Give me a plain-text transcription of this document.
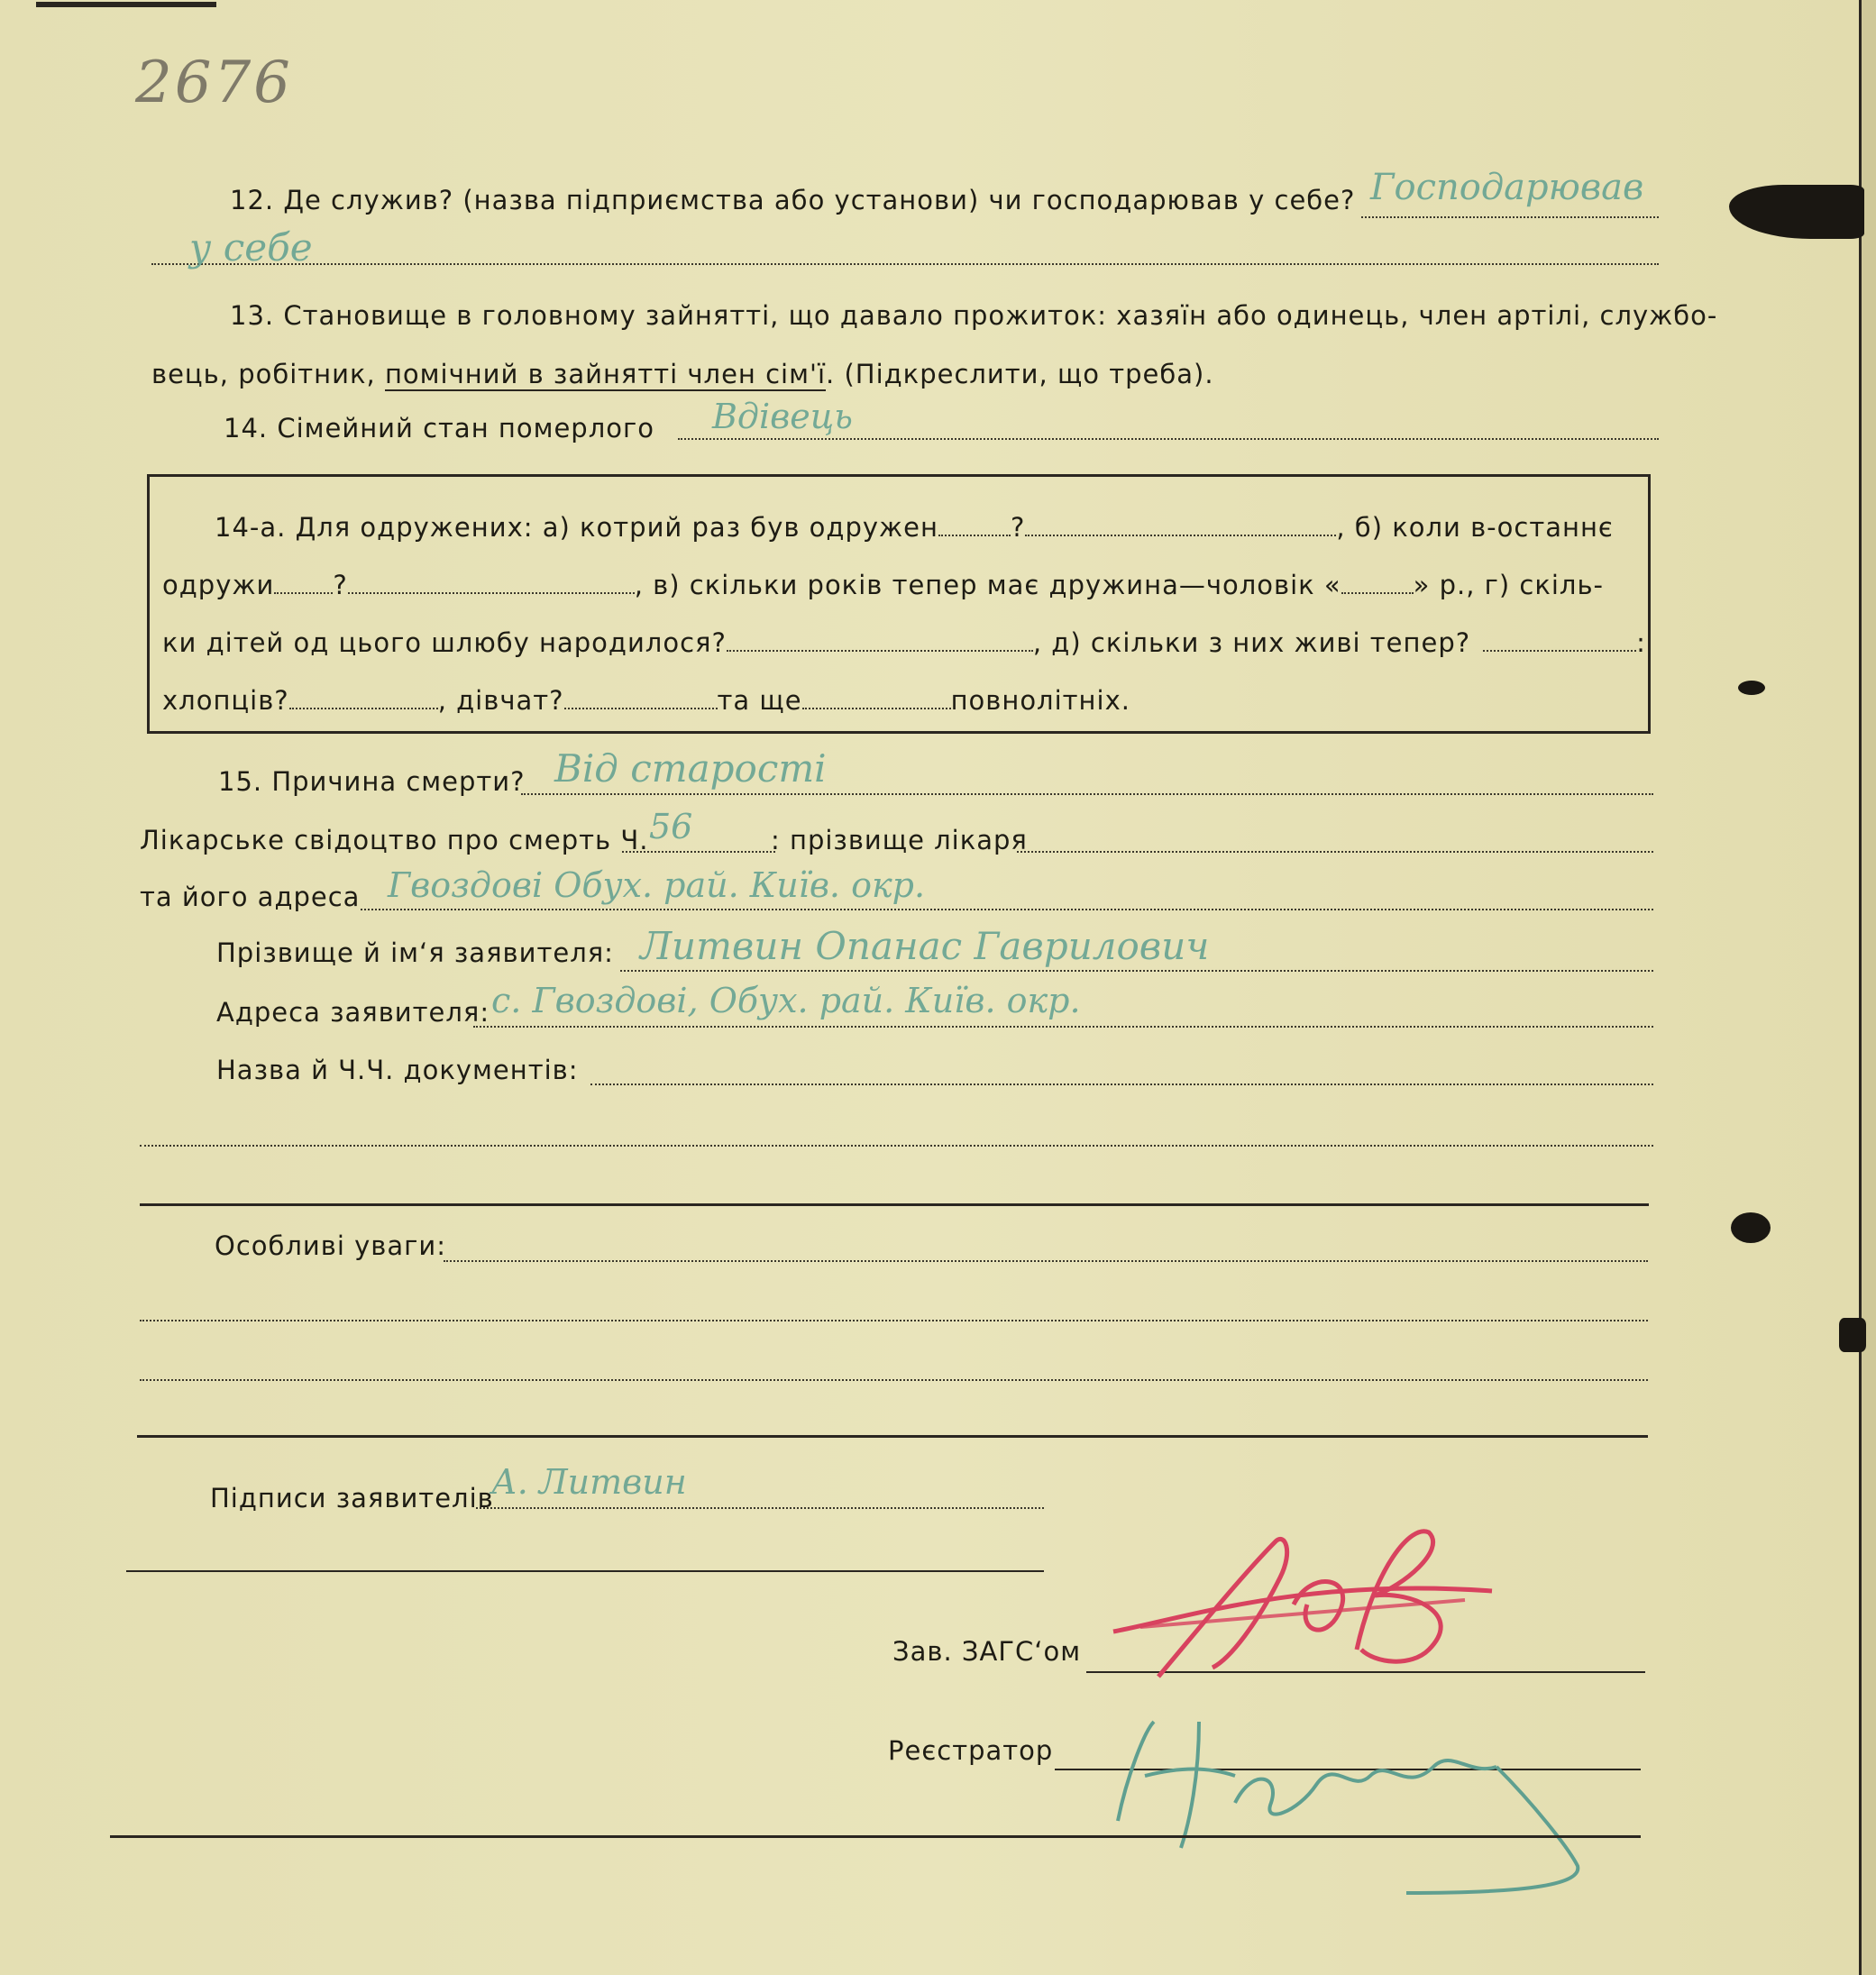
2676
12. Де служив? (назва підприємства або установи) чи господарював у себе? Господарював
у себе
13. Становище в головному зайнятті, що давало прожиток: хазяїн або одинець, член артілі, службо-
вець, робітник, помічний в зайнятті член сім'ї. (Підкреслити, що треба).
14. Сімейний стан померлого Вдівець
14-а. Для одружених: а) котрий раз був одружен	?	, б) коли в-останнє
одружи ?	, в) скільки років тепер має дружина—чоловік «	» р., г) скіль-
ки дітей од цього шлюбу народилося?	, д) скільки з них живі тепер?	:
хлопців?	, дівчат?	та ще	повнолітніх.
15. Причина смерти? Від старості
Лікарське свідоцтво про смерть Ч. 56	: прізвище лікаря
та його адреса Гвоздові Обух. рай. Київ. окр.
Прізвище й ім‘я заявителя: Литвин Опанас Гаврилович
Адреса заявителя: с. Гвоздові, Обух. рай. Київ. окр.
Назва й Ч.Ч. документів:
Особливі уваги:
Підписи заявителів
А. Литвин
Зав. ЗАГС‘ом
Реєстратор
